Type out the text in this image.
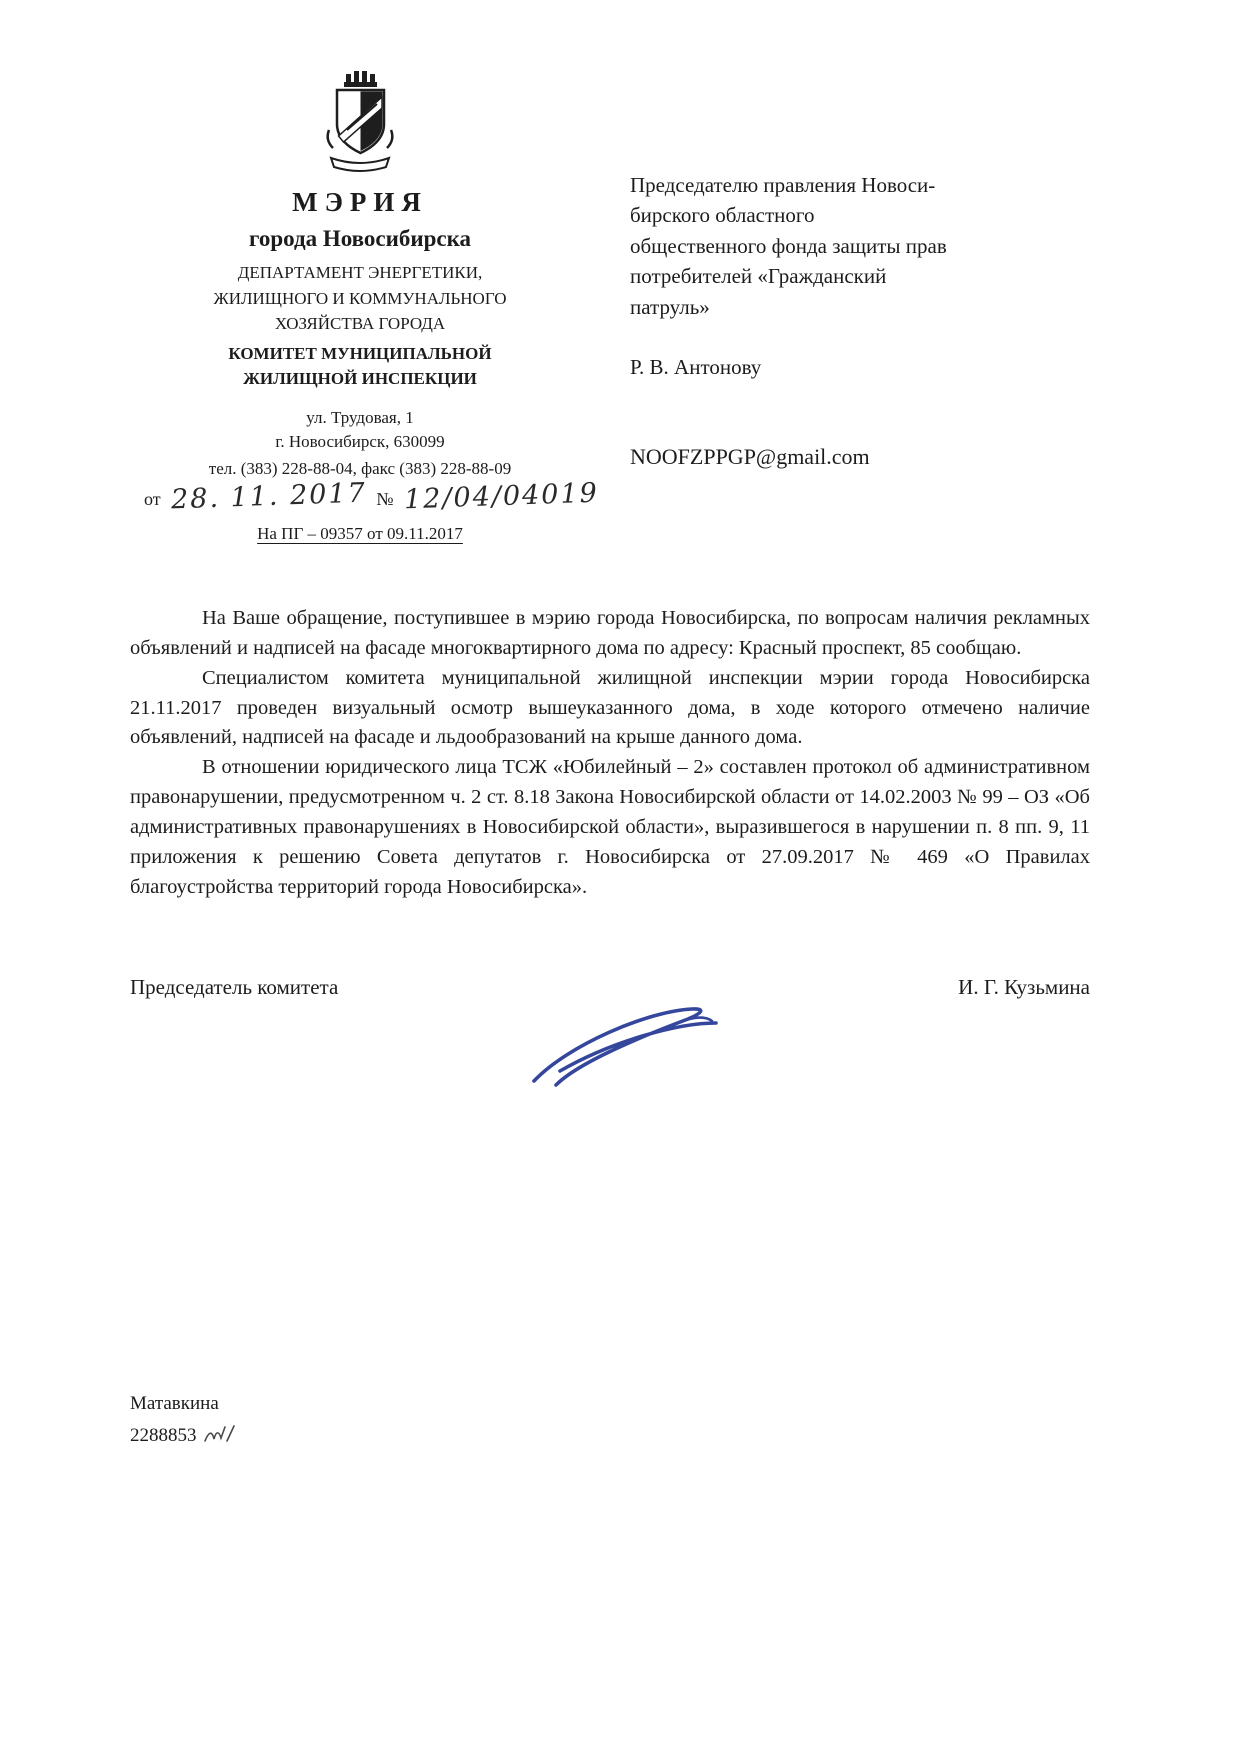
МЭРИЯ
города Новосибирска
ДЕПАРТАМЕНТ ЭНЕРГЕТИКИ,
ЖИЛИЩНОГО И КОММУНАЛЬНОГО
ХОЗЯЙСТВА ГОРОДА
КОМИТЕТ МУНИЦИПАЛЬНОЙ
ЖИЛИЩНОЙ ИНСПЕКЦИИ
ул. Трудовая, 1
г. Новосибирск, 630099
тел. (383) 228-88-04, факс (383) 228-88-09
от 28. 11. 2017 № 12/04/04019
На ПГ – 09357 от 09.11.2017
Председателю правления Новоси-
бирского областного
общественного фонда защиты прав
потребителей «Гражданский
патруль»
Р. В. Антонову
NOOFZPPGP@gmail.com

На Ваше обращение, поступившее в мэрию города Новосибирска, по вопросам наличия рекламных объявлений и надписей на фасаде многоквартирного дома по адресу: Красный проспект, 85 сообщаю.

Специалистом комитета муниципальной жилищной инспекции мэрии города Новосибирска 21.11.2017 проведен визуальный осмотр вышеуказанного дома, в ходе которого отмечено наличие объявлений, надписей на фасаде и льдообразований на крыше данного дома.

В отношении юридического лица ТСЖ «Юбилейный – 2» составлен протокол об административном правонарушении, предусмотренном ч. 2 ст. 8.18 Закона Новосибирской области от 14.02.2003 № 99 – ОЗ «Об административных правонарушениях в Новосибирской области», выразившегося в нарушении п. 8 пп. 9, 11 приложения к решению Совета депутатов г. Новосибирска от 27.09.2017 № 469 «О Правилах благоустройства территорий города Новосибирска».

Председатель комитета	И. Г. Кузьмина
Матавкина
2288853
